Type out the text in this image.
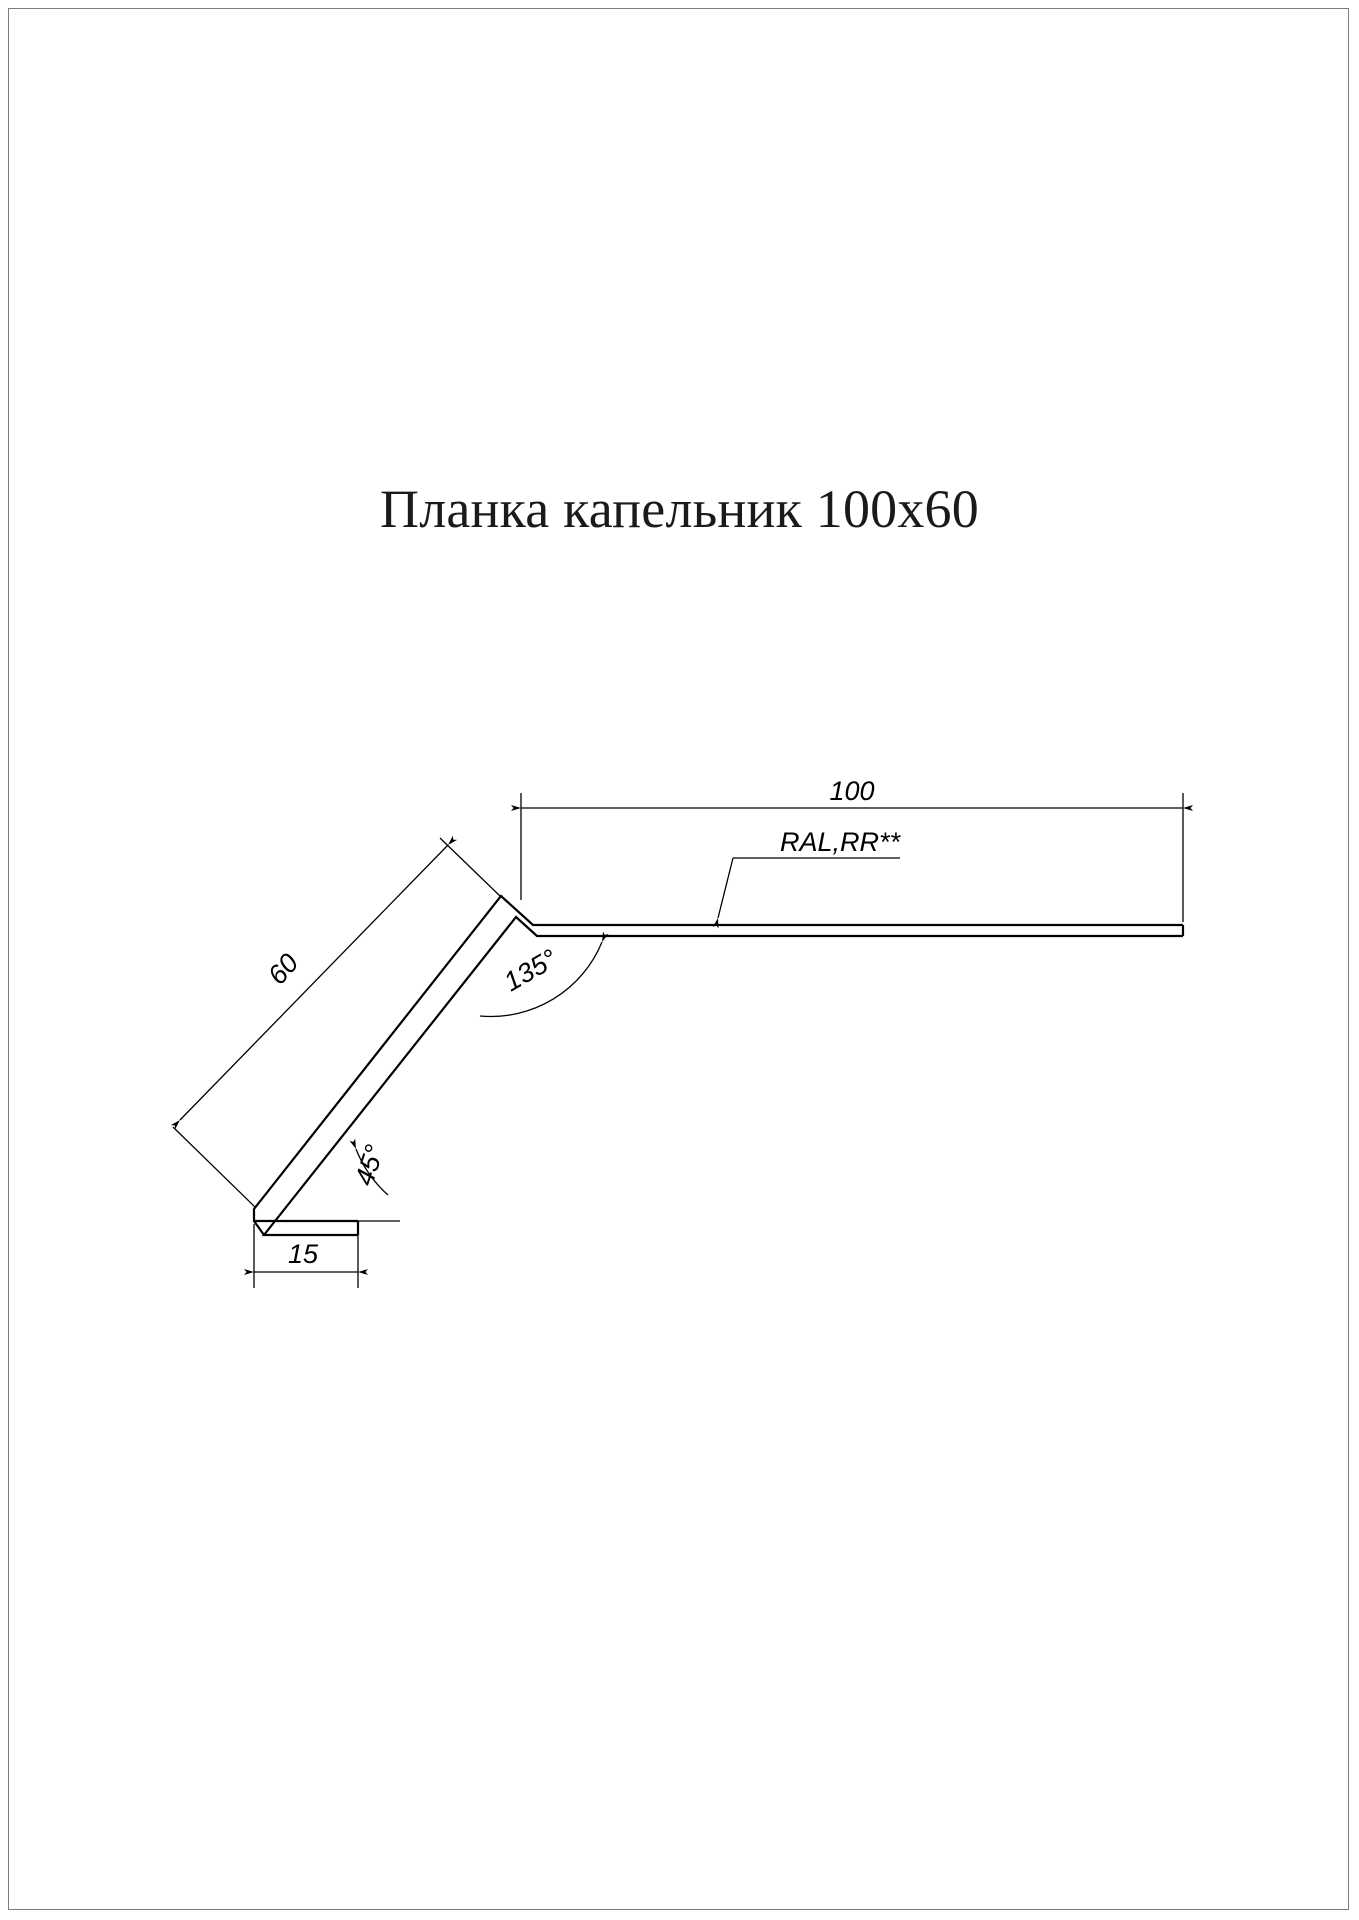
Планка капельник 100х60
100
60
15
135°
45°
RAL,RR**
